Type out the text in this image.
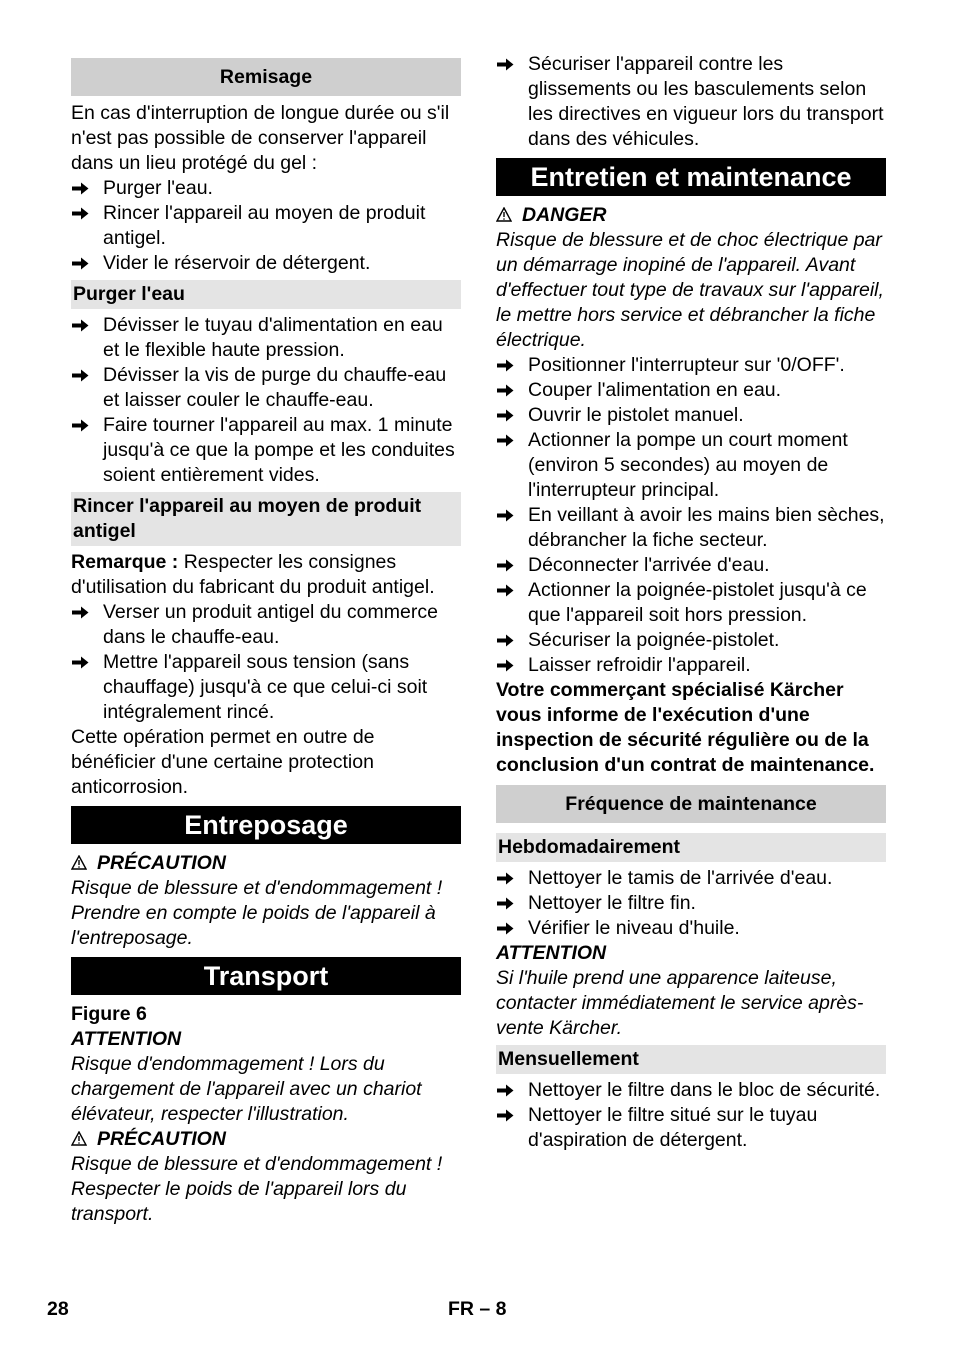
Remisage

En cas d'interruption de longue durée ou s'il n'est pas possible de conserver l'appareil dans un lieu protégé du gel :

Purger l'eau.
Rincer l'appareil au moyen de produit antigel.
Vider le réservoir de détergent.
Purger l'eau
Dévisser le tuyau d'alimentation en eau et le flexible haute pression.
Dévisser la vis de purge du chauffe-eau et laisser couler le chauffe-eau.
Faire tourner l'appareil au max. 1 minute jusqu'à ce que la pompe et les conduites soient entièrement vides.
Rincer l'appareil au moyen de produit antigel

Remarque : Respecter les consignes d'utilisation du fabricant du produit antigel.

Verser un produit antigel du commerce dans le chauffe-eau.
Mettre l'appareil sous tension (sans chauffage) jusqu'à ce que celui-ci soit intégralement rincé.

Cette opération permet en outre de bénéficier d'une certaine protection anticorrosion.

Entreposage

PRÉCAUTION

Risque de blessure et d'endommagement ! Prendre en compte le poids de l'appareil à l'entreposage.

Transport

Figure 6

ATTENTION

Risque d'endommagement ! Lors du chargement de l'appareil avec un chariot élévateur, respecter l'illustration.

PRÉCAUTION

Risque de blessure et d'endommagement ! Respecter le poids de l'appareil lors du transport.

Sécuriser l'appareil contre les glissements ou les basculements selon les directives en vigueur lors du transport dans des véhicules.
Entretien et maintenance

DANGER

Risque de blessure et de choc électrique par un démarrage inopiné de l'appareil. Avant d'effectuer tout type de travaux sur l'appareil, le mettre hors service et débrancher la fiche électrique.

Positionner l'interrupteur sur '0/OFF'.
Couper l'alimentation en eau.
Ouvrir le pistolet manuel.
Actionner la pompe un court moment (environ 5 secondes) au moyen de l'interrupteur principal.
En veillant à avoir les mains bien sèches, débrancher la fiche secteur.
Déconnecter l'arrivée d'eau.
Actionner la poignée-pistolet jusqu'à ce que l'appareil soit hors pression.
Sécuriser la poignée-pistolet.
Laisser refroidir l'appareil.

Votre commerçant spécialisé Kärcher vous informe de l'exécution d'une inspection de sécurité régulière ou de la conclusion d'un contrat de maintenance.

Fréquence de maintenance
Hebdomadairement
Nettoyer le tamis de l'arrivée d'eau.
Nettoyer le filtre fin.
Vérifier le niveau d'huile.

ATTENTION

Si l'huile prend une apparence laiteuse, contacter immédiatement le service après-vente Kärcher.

Mensuellement
Nettoyer le filtre dans le bloc de sécurité.
Nettoyer le filtre situé sur le tuyau d'aspiration de détergent.
28	FR – 8
